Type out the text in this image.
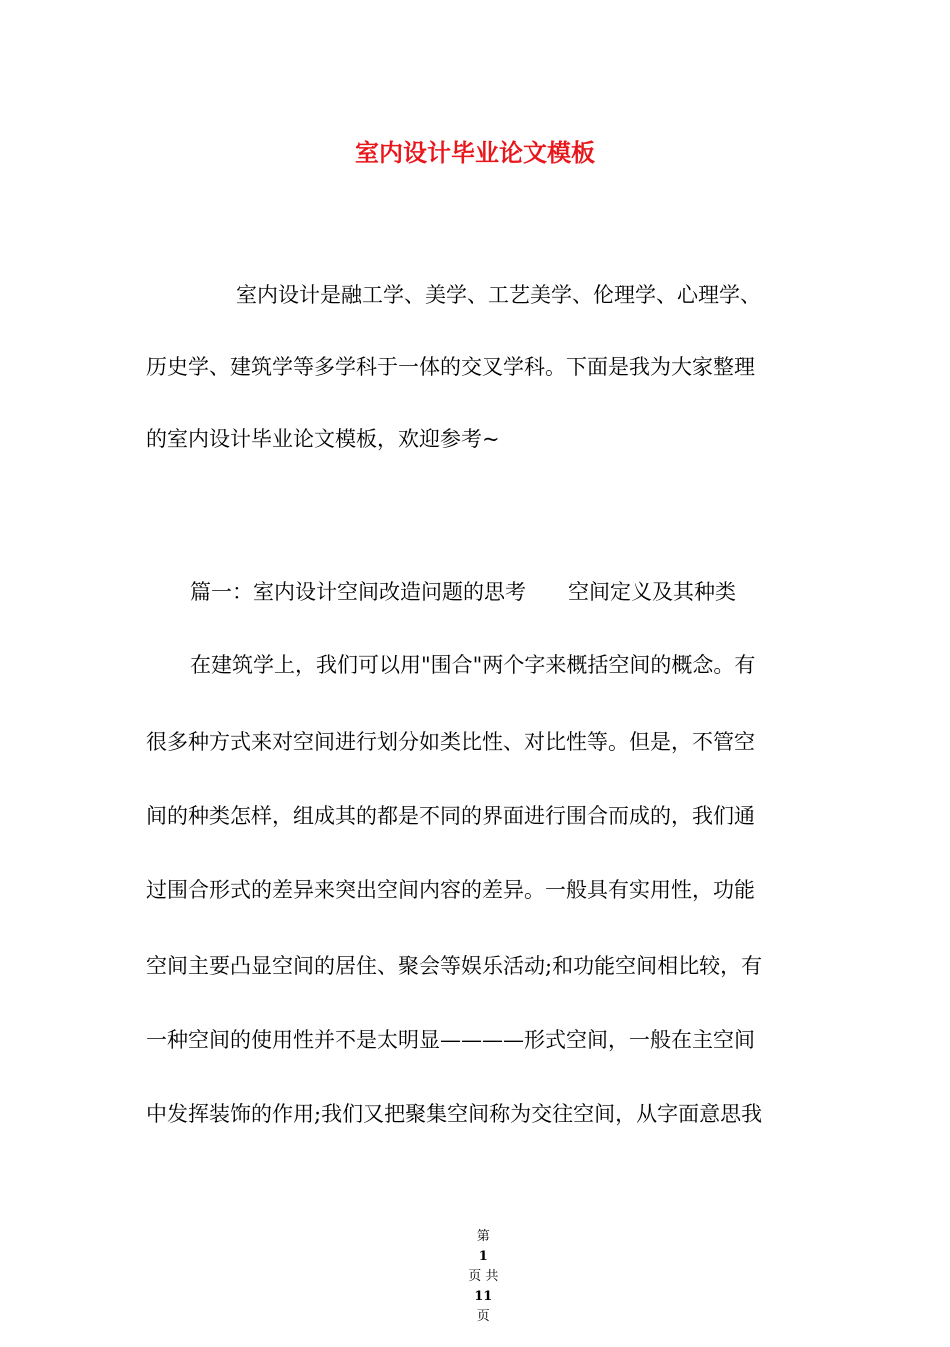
室内设计毕业论文模板
室内设计是融工学、美学、工艺美学、伦理学、心理学、
历史学、建筑学等多学科于一体的交叉学科。下面是我为大家整理
的室内设计毕业论文模板，欢迎参考~
篇一：室内设计空间改造问题的思考　　空间定义及其种类
在建筑学上，我们可以用"围合"两个字来概括空间的概念。有
很多种方式来对空间进行划分如类比性、对比性等。但是，不管空
间的种类怎样，组成其的都是不同的界面进行围合而成的，我们通
过围合形式的差异来突出空间内容的差异。一般具有实用性，功能
空间主要凸显空间的居住、聚会等娱乐活动;和功能空间相比较，有
一种空间的使用性并不是太明显————形式空间，一般在主空间
中发挥装饰的作用;我们又把聚集空间称为交往空间，从字面意思我

第
1
页 共
11
页
